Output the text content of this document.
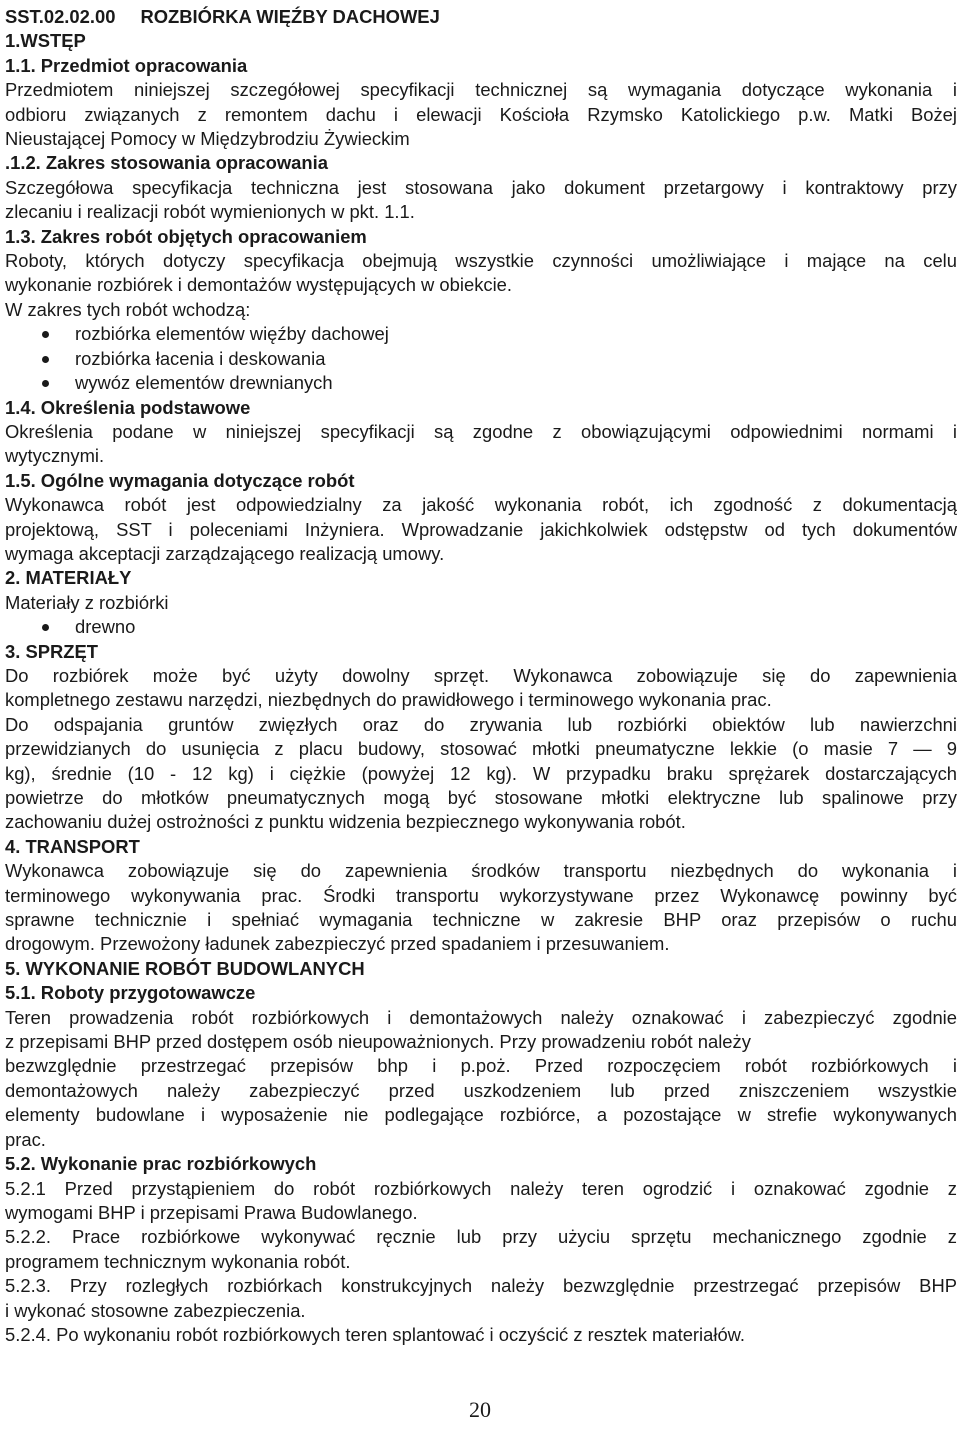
SST.02.02.00 ROZBIÓRKA WIĘŹBY DACHOWEJ
1.WSTĘP
1.1. Przedmiot opracowania
Przedmiotem niniejszej szczegółowej specyfikacji technicznej są wymagania dotyczące wykonania i
odbioru związanych z remontem dachu i elewacji Kościoła Rzymsko Katolickiego p.w. Matki Bożej
Nieustającej Pomocy w Międzybrodziu Żywieckim
.1.2. Zakres stosowania opracowania
Szczegółowa specyfikacja techniczna jest stosowana jako dokument przetargowy i kontraktowy przy
zlecaniu i realizacji robót wymienionych w pkt. 1.1.
1.3. Zakres robót objętych opracowaniem
Roboty, których dotyczy specyfikacja obejmują wszystkie czynności umożliwiające i mające na celu
wykonanie rozbiórek i demontażów występujących w obiekcie.
W zakres tych robót wchodzą:
rozbiórka elementów więźby dachowej
rozbiórka łacenia i deskowania
wywóz elementów drewnianych
1.4. Określenia podstawowe
Określenia podane w niniejszej specyfikacji są zgodne z obowiązującymi odpowiednimi normami i
wytycznymi.
1.5. Ogólne wymagania dotyczące robót
Wykonawca robót jest odpowiedzialny za jakość wykonania robót, ich zgodność z dokumentacją
projektową, SST i poleceniami Inżyniera. Wprowadzanie jakichkolwiek odstępstw od tych dokumentów
wymaga akceptacji zarządzającego realizacją umowy.
2. MATERIAŁY
Materiały z rozbiórki
drewno
3. SPRZĘT
Do rozbiórek może być użyty dowolny sprzęt. Wykonawca zobowiązuje się do zapewnienia
kompletnego zestawu narzędzi, niezbędnych do prawidłowego i terminowego wykonania prac.
Do odspajania gruntów zwięzłych oraz do zrywania lub rozbiórki obiektów lub nawierzchni
przewidzianych do usunięcia z placu budowy, stosować młotki pneumatyczne lekkie (o masie 7 — 9
kg), średnie (10 - 12 kg) i ciężkie (powyżej 12 kg). W przypadku braku sprężarek dostarczających
powietrze do młotków pneumatycznych mogą być stosowane młotki elektryczne lub spalinowe przy
zachowaniu dużej ostrożności z punktu widzenia bezpiecznego wykonywania robót.
4. TRANSPORT
Wykonawca zobowiązuje się do zapewnienia środków transportu niezbędnych do wykonania i
terminowego wykonywania prac. Środki transportu wykorzystywane przez Wykonawcę powinny być
sprawne technicznie i spełniać wymagania techniczne w zakresie BHP oraz przepisów o ruchu
drogowym. Przewożony ładunek zabezpieczyć przed spadaniem i przesuwaniem.
5. WYKONANIE ROBÓT BUDOWLANYCH
5.1. Roboty przygotowawcze
Teren prowadzenia robót rozbiórkowych i demontażowych należy oznakować i zabezpieczyć zgodnie
z przepisami BHP przed dostępem osób nieupoważnionych. Przy prowadzeniu robót należy
bezwzględnie przestrzegać przepisów bhp i p.poż. Przed rozpoczęciem robót rozbiórkowych i
demontażowych należy zabezpieczyć przed uszkodzeniem lub przed zniszczeniem wszystkie
elementy budowlane i wyposażenie nie podlegające rozbiórce, a pozostające w strefie wykonywanych
prac.
5.2. Wykonanie prac rozbiórkowych
5.2.1 Przed przystąpieniem do robót rozbiórkowych należy teren ogrodzić i oznakować zgodnie z
wymogami BHP i przepisami Prawa Budowlanego.
5.2.2. Prace rozbiórkowe wykonywać ręcznie lub przy użyciu sprzętu mechanicznego zgodnie z
programem technicznym wykonania robót.
5.2.3. Przy rozległych rozbiórkach konstrukcyjnych należy bezwzględnie przestrzegać przepisów BHP
i wykonać stosowne zabezpieczenia.
5.2.4. Po wykonaniu robót rozbiórkowych teren splantować i oczyścić z resztek materiałów.
20
